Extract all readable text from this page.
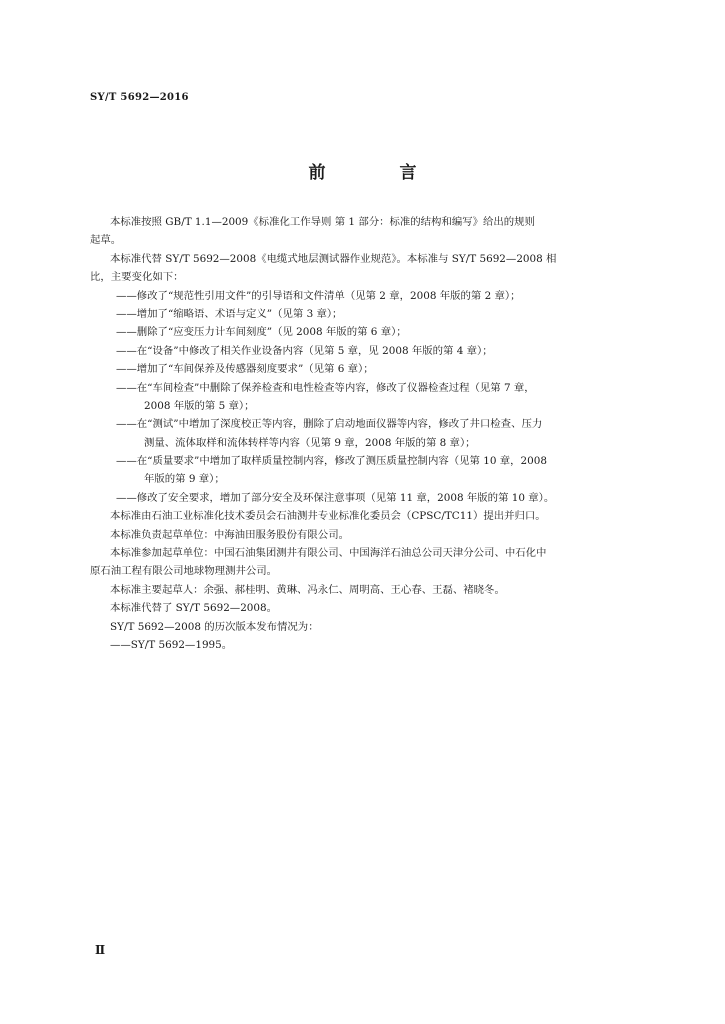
SY/T 5692—2016
前 言
本标准按照 GB/T 1.1—2009《标准化工作导则 第 1 部分：标准的结构和编写》给出的规则
起草。
本标准代替 SY/T 5692—2008《电缆式地层测试器作业规范》。本标准与 SY/T 5692—2008 相
比，主要变化如下：
——修改了“规范性引用文件”的引导语和文件清单（见第 2 章，2008 年版的第 2 章）；
——增加了“缩略语、术语与定义”（见第 3 章）；
——删除了“应变压力计车间刻度”（见 2008 年版的第 6 章）；
——在“设备”中修改了相关作业设备内容（见第 5 章，见 2008 年版的第 4 章）；
——增加了“车间保养及传感器刻度要求”（见第 6 章）；
——在“车间检查”中删除了保养检查和电性检查等内容，修改了仪器检查过程（见第 7 章，
2008 年版的第 5 章）；
——在“测试”中增加了深度校正等内容，删除了启动地面仪器等内容，修改了井口检查、压力
测量、流体取样和流体转样等内容（见第 9 章，2008 年版的第 8 章）；
——在“质量要求”中增加了取样质量控制内容，修改了测压质量控制内容（见第 10 章，2008
年版的第 9 章）；
——修改了安全要求，增加了部分安全及环保注意事项（见第 11 章，2008 年版的第 10 章）。
本标准由石油工业标准化技术委员会石油测井专业标准化委员会（CPSC/TC11）提出并归口。
本标准负责起草单位：中海油田服务股份有限公司。
本标准参加起草单位：中国石油集团测井有限公司、中国海洋石油总公司天津分公司、中石化中
原石油工程有限公司地球物理测井公司。
本标准主要起草人：余强、郝桂明、黄琳、冯永仁、周明高、王心春、王磊、褚晓冬。
本标准代替了 SY/T 5692—2008。
SY/T 5692—2008 的历次版本发布情况为：
——SY/T 5692—1995。
Ⅱ
